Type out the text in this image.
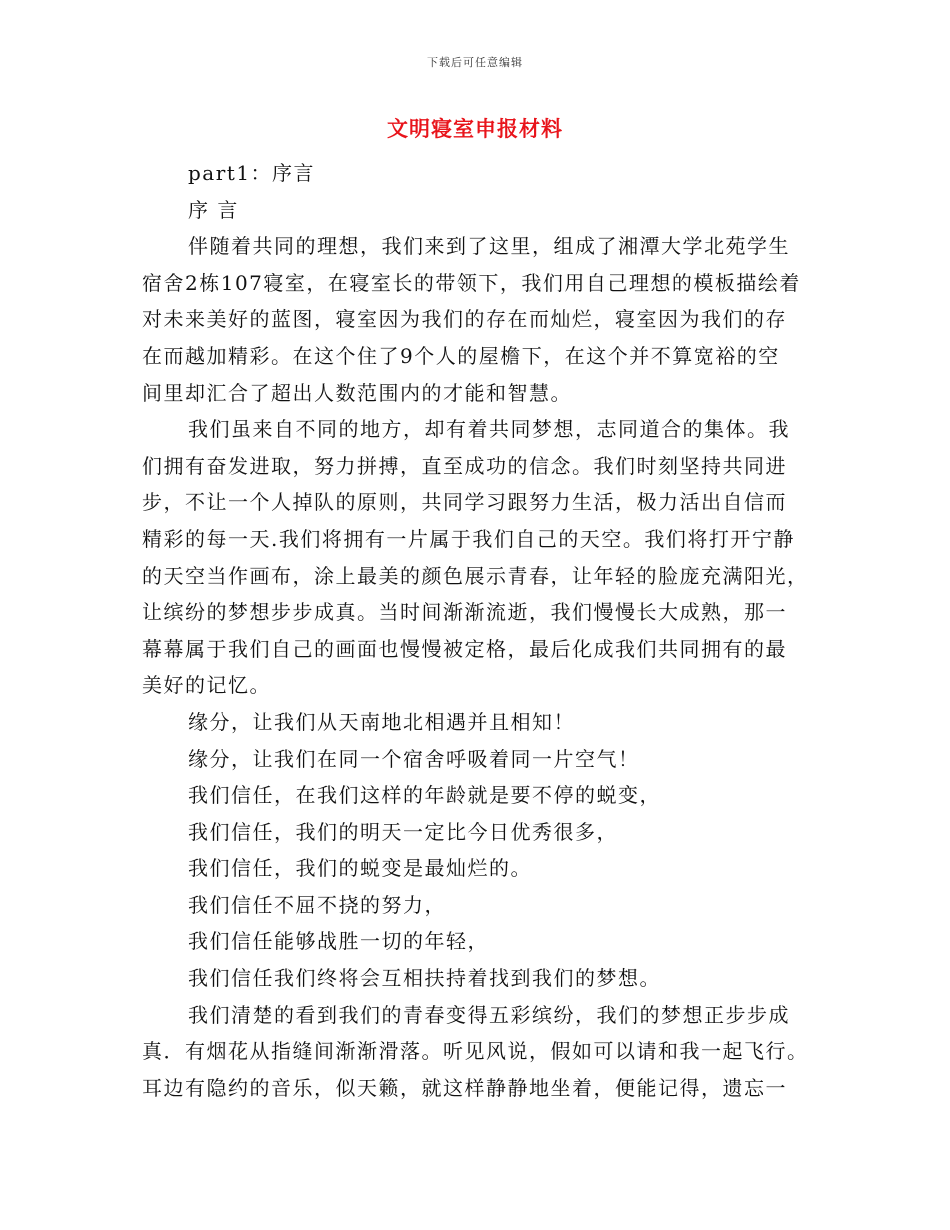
下载后可任意编辑
文明寝室申报材料
part1：序言
序 言
伴随着共同的理想，我们来到了这里，组成了湘潭大学北苑学生
宿舍2栋107寝室，在寝室长的带领下，我们用自己理想的模板描绘着
对未来美好的蓝图，寝室因为我们的存在而灿烂，寝室因为我们的存
在而越加精彩。在这个住了9个人的屋檐下，在这个并不算宽裕的空
间里却汇合了超出人数范围内的才能和智慧。
我们虽来自不同的地方，却有着共同梦想，志同道合的集体。我
们拥有奋发进取，努力拼搏，直至成功的信念。我们时刻坚持共同进
步，不让一个人掉队的原则，共同学习跟努力生活，极力活出自信而
精彩的每一天.我们将拥有一片属于我们自己的天空。我们将打开宁静
的天空当作画布，涂上最美的颜色展示青春，让年轻的脸庞充满阳光，
让缤纷的梦想步步成真。当时间渐渐流逝，我们慢慢长大成熟，那一
幕幕属于我们自己的画面也慢慢被定格，最后化成我们共同拥有的最
美好的记忆。
缘分，让我们从天南地北相遇并且相知！
缘分，让我们在同一个宿舍呼吸着同一片空气！
我们信任，在我们这样的年龄就是要不停的蜕变，
我们信任，我们的明天一定比今日优秀很多，
我们信任，我们的蜕变是最灿烂的。
我们信任不屈不挠的努力，
我们信任能够战胜一切的年轻，
我们信任我们终将会互相扶持着找到我们的梦想。
我们清楚的看到我们的青春变得五彩缤纷，我们的梦想正步步成
真．有烟花从指缝间渐渐滑落。听见风说，假如可以请和我一起飞行。
耳边有隐约的音乐，似天籁，就这样静静地坐着，便能记得，遗忘一
